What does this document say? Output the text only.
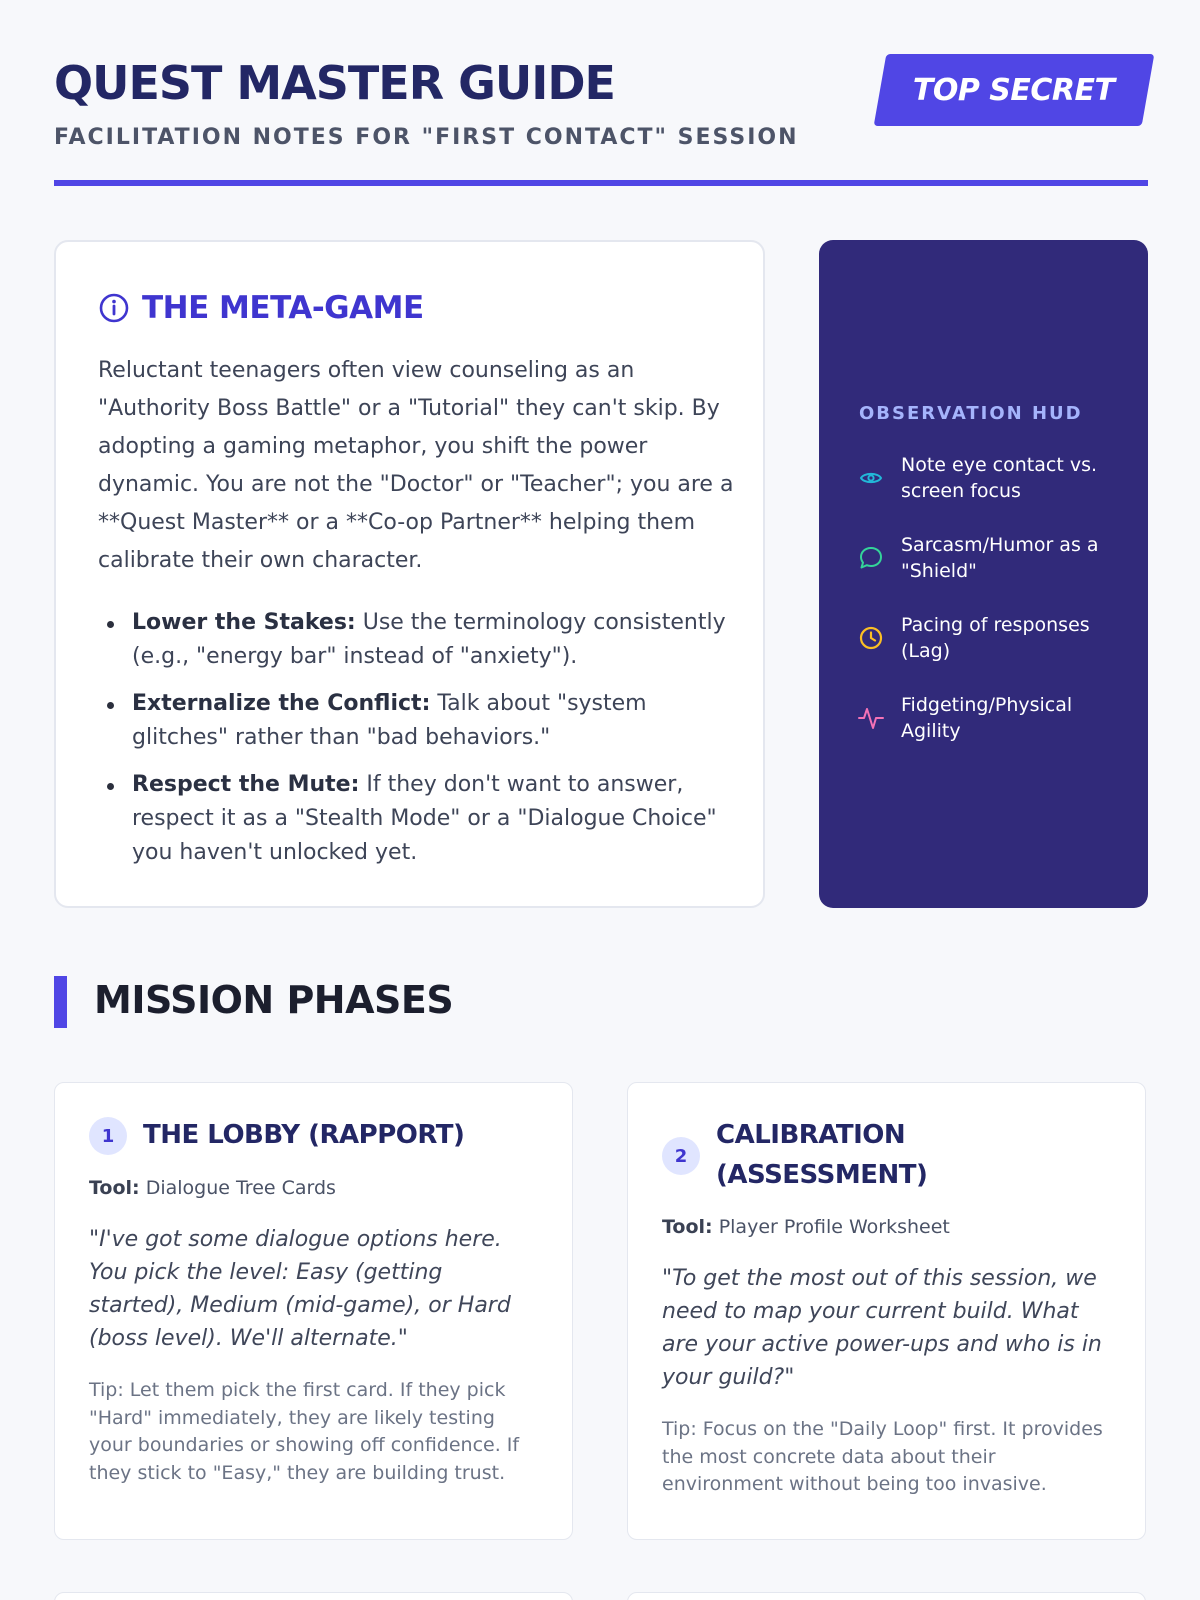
QUEST MASTER GUIDE
FACILITATION NOTES FOR "FIRST CONTACT" SESSION
TOP SECRET
THE META-GAME

Reluctant teenagers often view counseling as an "Authority Boss Battle" or a "Tutorial" they can't skip. By adopting a gaming metaphor, you shift the power dynamic. You are not the "Doctor" or "Teacher"; you are a **Quest Master** or a **Co-op Partner** helping them calibrate their own character.

Lower the Stakes: Use the terminology consistently (e.g., "energy bar" instead of "anxiety").
Externalize the Conflict: Talk about "system glitches" rather than "bad behaviors."
Respect the Mute: If they don't want to answer, respect it as a "Stealth Mode" or a "Dialogue Choice" you haven't unlocked yet.
OBSERVATION HUD
Note eye contact vs. screen focus
Sarcasm/Humor as a "Shield"
Pacing of responses (Lag)
Fidgeting/Physical Agility
MISSION PHASES
1	THE LOBBY (RAPPORT)
Tool: Dialogue Tree Cards

"I've got some dialogue options here. You pick the level: Easy (getting started), Medium (mid-game), or Hard (boss level). We'll alternate."

Tip: Let them pick the first card. If they pick "Hard" immediately, they are likely testing your boundaries or showing off confidence. If they stick to "Easy," they are building trust.

2
CALIBRATION
(ASSESSMENT)
Tool: Player Profile Worksheet

"To get the most out of this session, we need to map your current build. What are your active power-ups and who is in your guild?"

Tip: Focus on the "Daily Loop" first. It provides the most concrete data about their environment without being too invasive.
